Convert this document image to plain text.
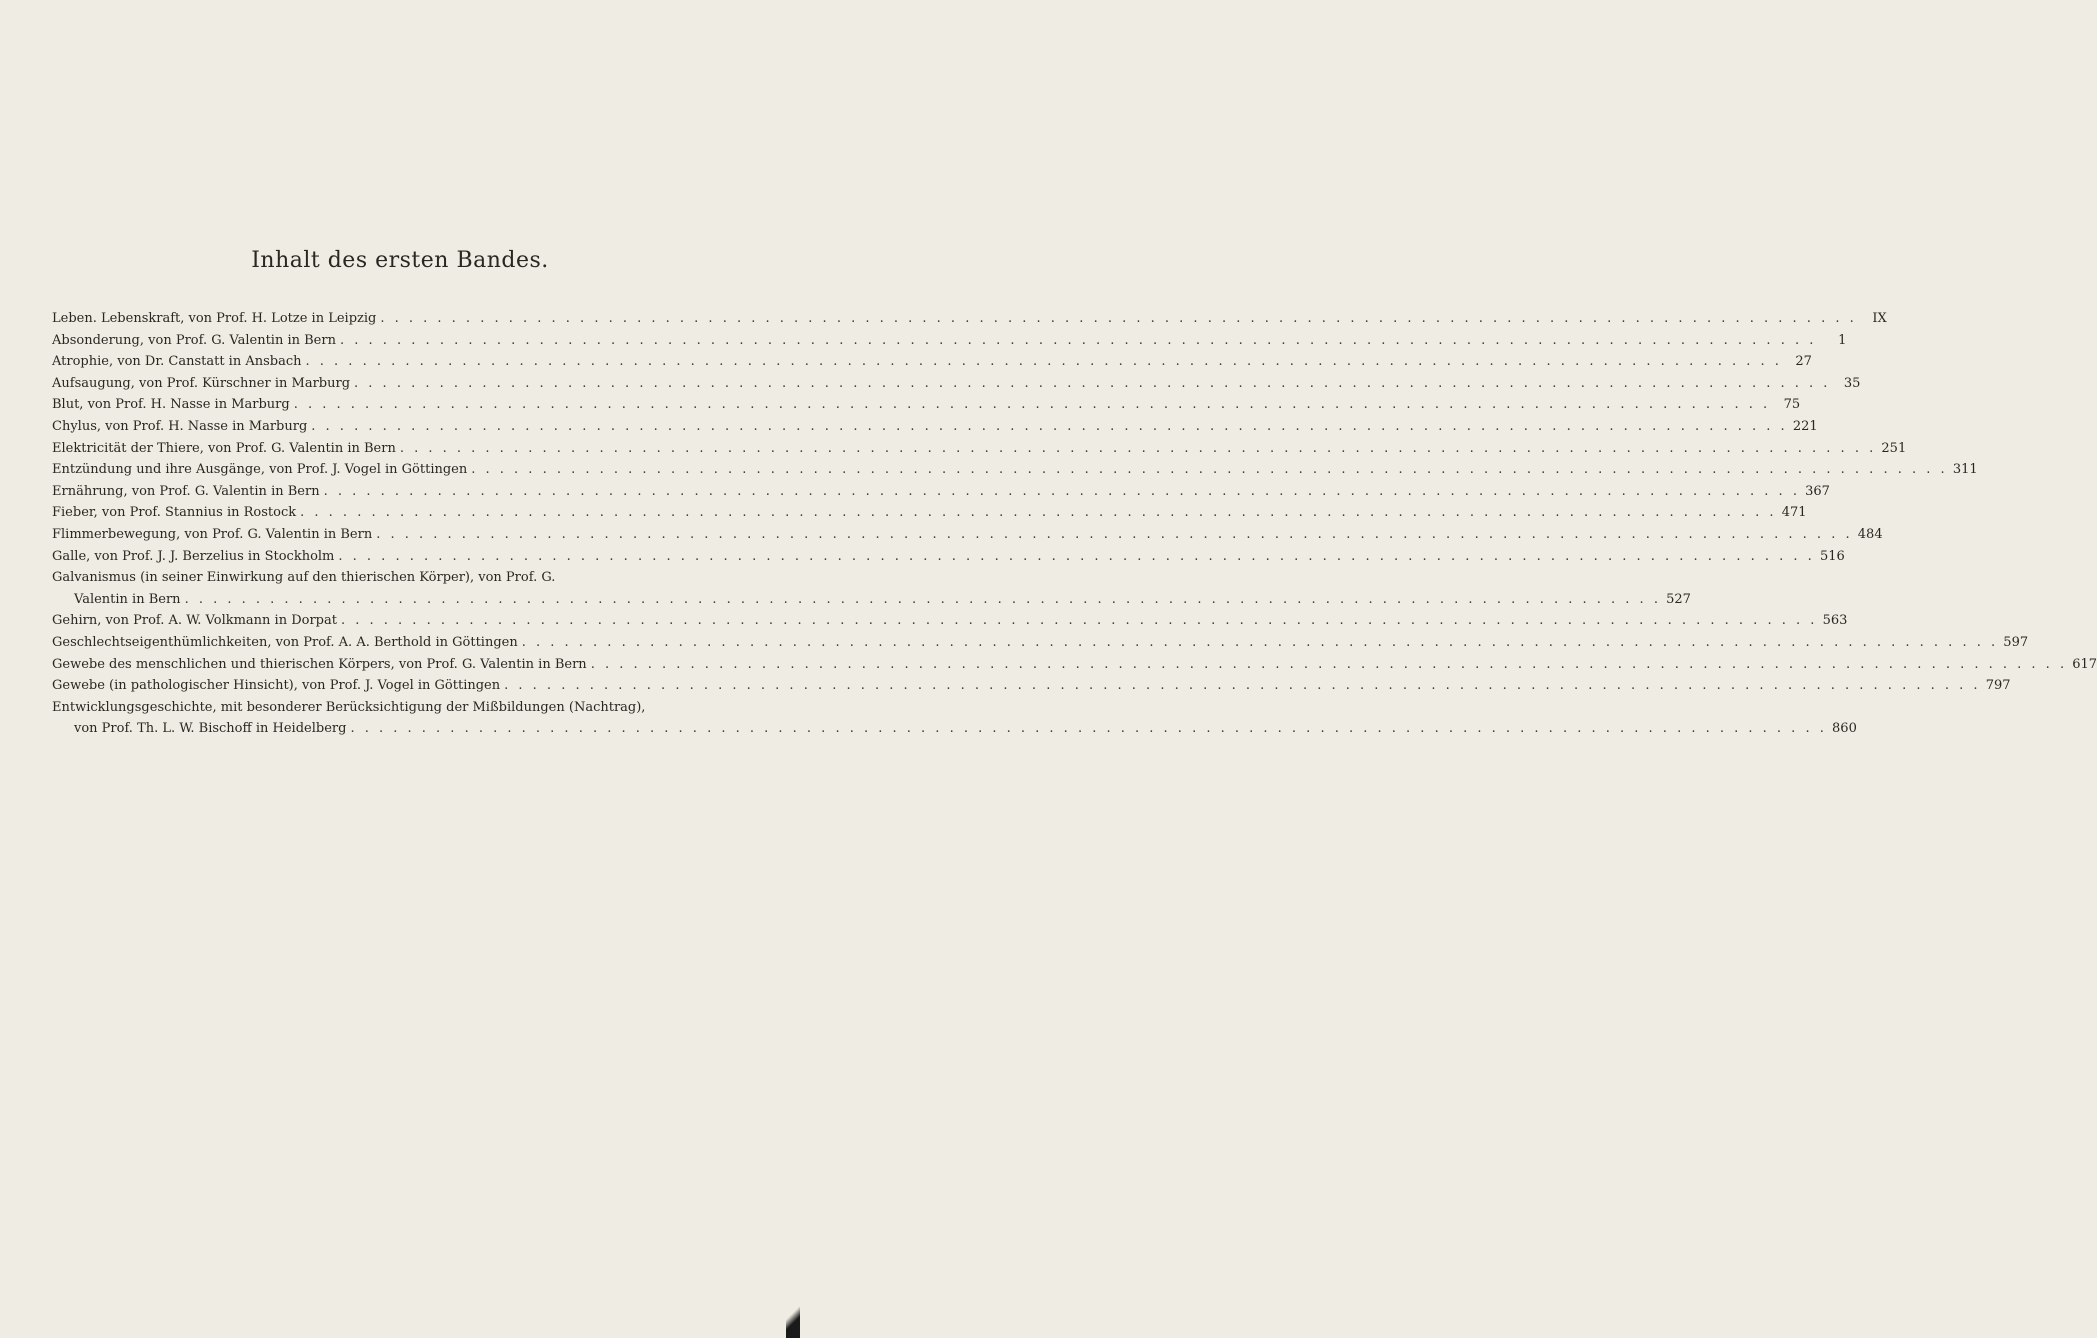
Inhalt des ersten Bandes.
Leben. Lebenskraft, von Prof. H. Lotze in Leipzig . . .	IX
Absonderung, von Prof. G. Valentin in Bern . . .	1
Atrophie, von Dr. Canstatt in Ansbach . . .	27
Aufsaugung, von Prof. Kürschner in Marburg . . .	35
Blut, von Prof. H. Nasse in Marburg . . .	75
Chylus, von Prof. H. Nasse in Marburg . . .	221
Elektricität der Thiere, von Prof. G. Valentin in Bern . . .	251
Entzündung und ihre Ausgänge, von Prof. J. Vogel in Göttingen . . .	311
Ernährung, von Prof. G. Valentin in Bern . . .	367
Fieber, von Prof. Stannius in Rostock . . .	471
Flimmerbewegung, von Prof. G. Valentin in Bern . . .	484
Galle, von Prof. J. J. Berzelius in Stockholm . . .	516
Galvanismus (in seiner Einwirkung auf den thierischen Körper), von Prof. G.
Valentin in Bern . . .	527
Gehirn, von Prof. A. W. Volkmann in Dorpat . . .	563
Geschlechtseigenthümlichkeiten, von Prof. A. A. Berthold in Göttingen . . .	597
Gewebe des menschlichen und thierischen Körpers, von Prof. G. Valentin in Bern . . .	617
Gewebe (in pathologischer Hinsicht), von Prof. J. Vogel in Göttingen . . .	797
Entwicklungsgeschichte, mit besonderer Berücksichtigung der Mißbildungen (Nachtrag),
von Prof. Th. L. W. Bischoff in Heidelberg . . .	860
